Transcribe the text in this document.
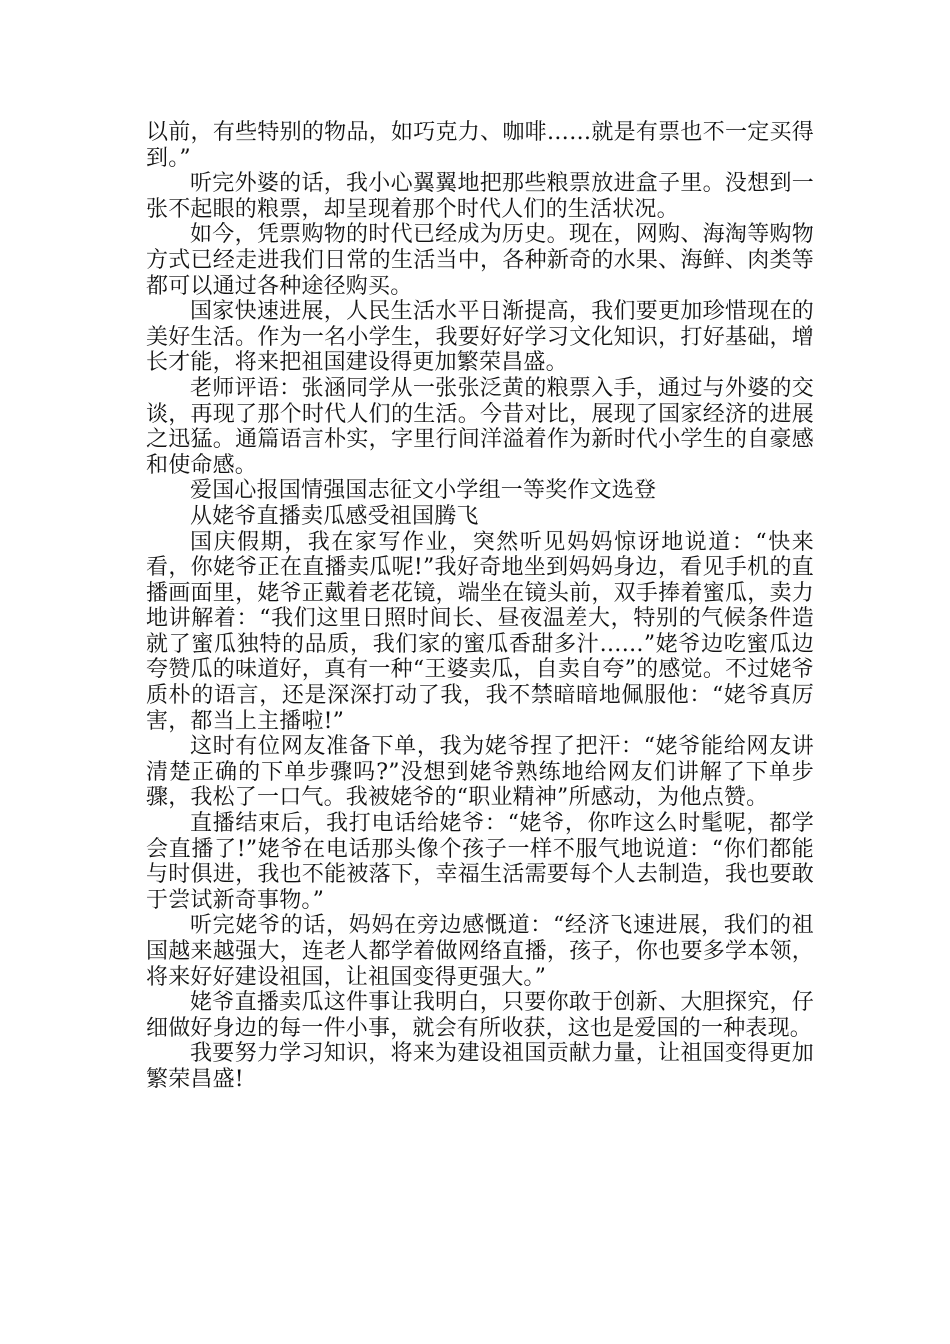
以前，有些特别的物品，如巧克力、咖啡……就是有票也不一定买得到。”

听完外婆的话，我小心翼翼地把那些粮票放进盒子里。没想到一张不起眼的粮票，却呈现着那个时代人们的生活状况。

如今，凭票购物的时代已经成为历史。现在，网购、海淘等购物方式已经走进我们日常的生活当中，各种新奇的水果、海鲜、肉类等都可以通过各种途径购买。

国家快速进展，人民生活水平日渐提高，我们要更加珍惜现在的美好生活。作为一名小学生，我要好好学习文化知识，打好基础，增长才能，将来把祖国建设得更加繁荣昌盛。

老师评语：张涵同学从一张张泛黄的粮票入手，通过与外婆的交谈，再现了那个时代人们的生活。今昔对比，展现了国家经济的进展之迅猛。通篇语言朴实，字里行间洋溢着作为新时代小学生的自豪感和使命感。

爱国心报国情强国志征文小学组一等奖作文选登

从姥爷直播卖瓜感受祖国腾飞

国庆假期，我在家写作业，突然听见妈妈惊讶地说道：“快来看，你姥爷正在直播卖瓜呢!”我好奇地坐到妈妈身边，看见手机的直播画面里，姥爷正戴着老花镜，端坐在镜头前，双手捧着蜜瓜，卖力地讲解着：“我们这里日照时间长、昼夜温差大，特别的气候条件造就了蜜瓜独特的品质，我们家的蜜瓜香甜多汁……”姥爷边吃蜜瓜边夸赞瓜的味道好，真有一种“王婆卖瓜，自卖自夸”的感觉。不过姥爷质朴的语言，还是深深打动了我，我不禁暗暗地佩服他：“姥爷真厉害，都当上主播啦!”

这时有位网友准备下单，我为姥爷捏了把汗：“姥爷能给网友讲清楚正确的下单步骤吗?”没想到姥爷熟练地给网友们讲解了下单步骤，我松了一口气。我被姥爷的“职业精神”所感动，为他点赞。

直播结束后，我打电话给姥爷：“姥爷，你咋这么时髦呢，都学会直播了!”姥爷在电话那头像个孩子一样不服气地说道：“你们都能与时俱进，我也不能被落下，幸福生活需要每个人去制造，我也要敢于尝试新奇事物。”

听完姥爷的话，妈妈在旁边感慨道：“经济飞速进展，我们的祖国越来越强大，连老人都学着做网络直播，孩子，你也要多学本领，将来好好建设祖国，让祖国变得更强大。”

姥爷直播卖瓜这件事让我明白，只要你敢于创新、大胆探究，仔细做好身边的每一件小事，就会有所收获，这也是爱国的一种表现。

我要努力学习知识，将来为建设祖国贡献力量，让祖国变得更加繁荣昌盛!
